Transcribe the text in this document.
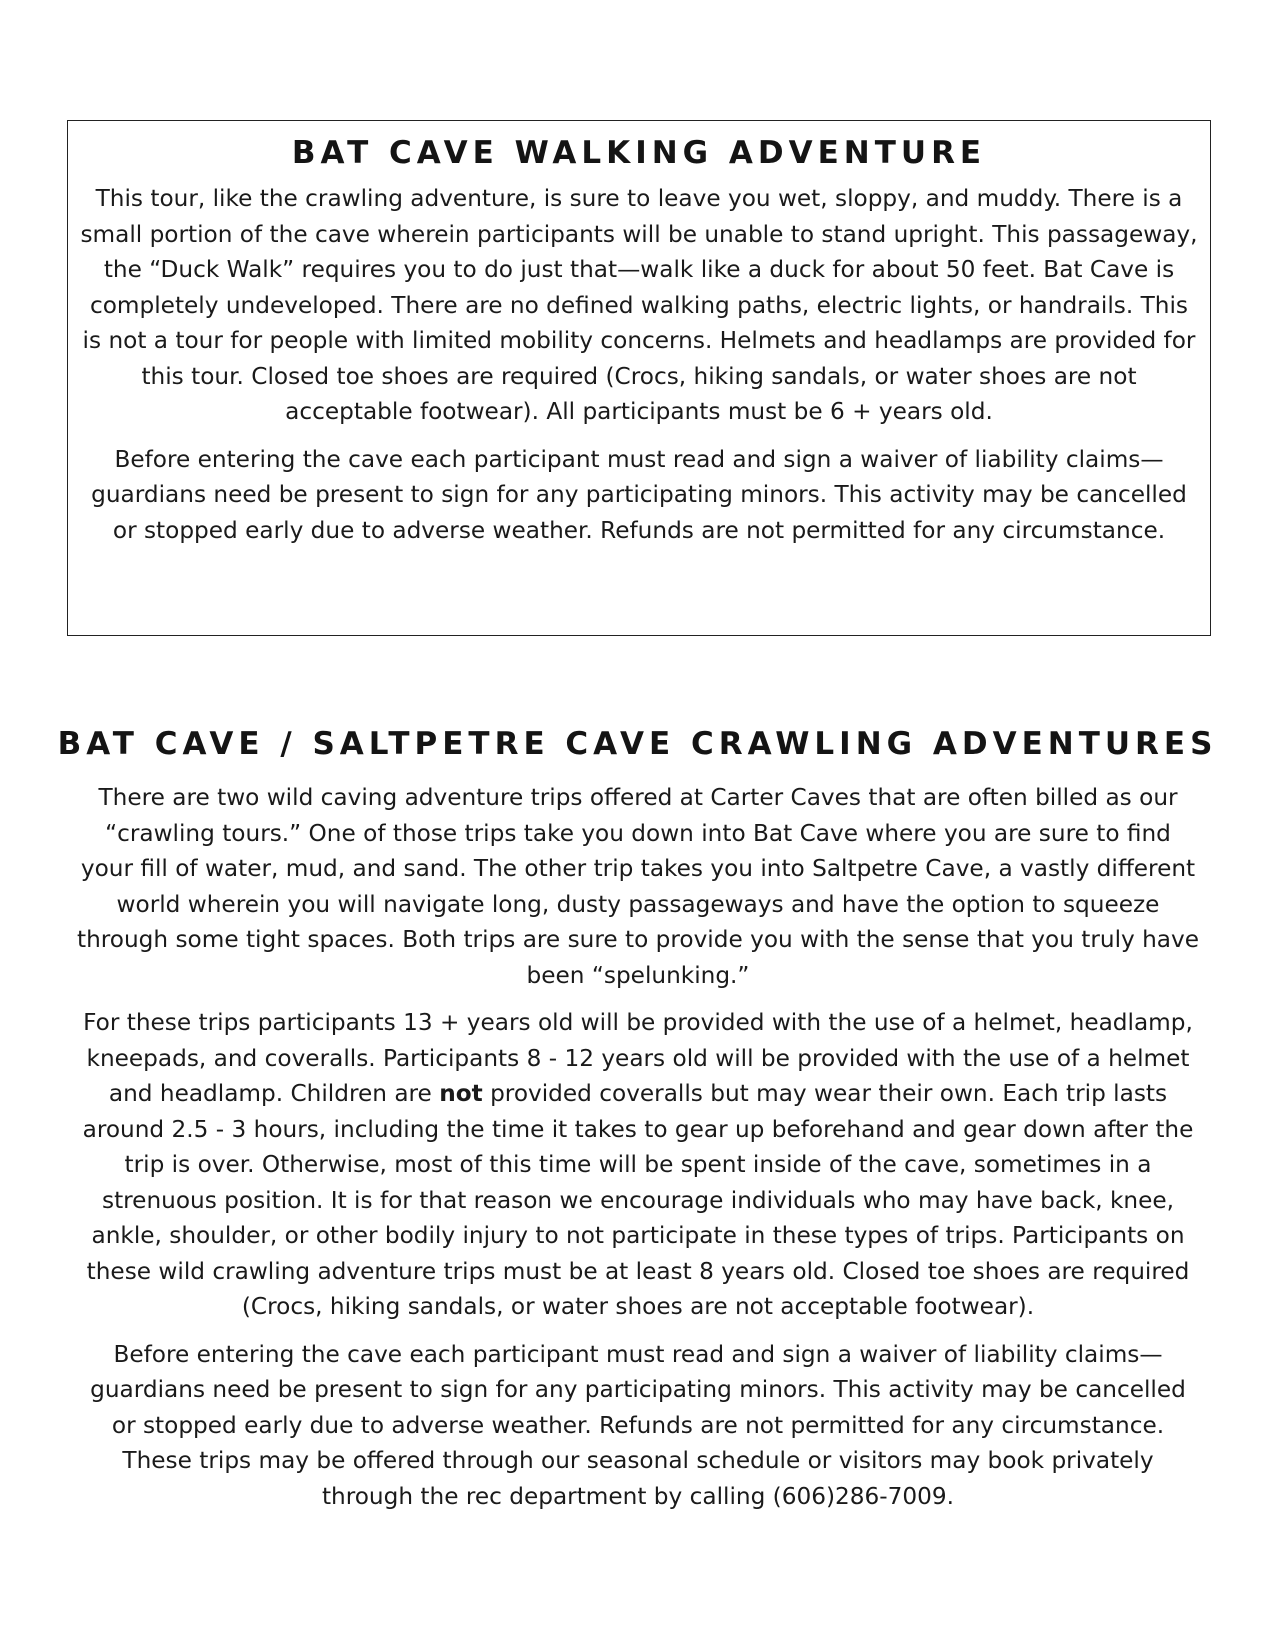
BAT CAVE WALKING ADVENTURE

This tour, like the crawling adventure, is sure to leave you wet, sloppy, and muddy. There is a small portion of the cave wherein participants will be unable to stand upright. This passageway, the “Duck Walk” requires you to do just that—walk like a duck for about 50 feet. Bat Cave is completely undeveloped. There are no defined walking paths, electric lights, or handrails. This is not a tour for people with limited mobility concerns. Helmets and headlamps are provided for this tour. Closed toe shoes are required (Crocs, hiking sandals, or water shoes are not acceptable footwear). All participants must be 6 + years old.

Before entering the cave each participant must read and sign a waiver of liability claims—guardians need be present to sign for any participating minors. This activity may be cancelled or stopped early due to adverse weather. Refunds are not permitted for any circumstance.

BAT CAVE / SALTPETRE CAVE CRAWLING ADVENTURES

There are two wild caving adventure trips offered at Carter Caves that are often billed as our “crawling tours.” One of those trips take you down into Bat Cave where you are sure to find your fill of water, mud, and sand. The other trip takes you into Saltpetre Cave, a vastly different world wherein you will navigate long, dusty passageways and have the option to squeeze through some tight spaces. Both trips are sure to provide you with the sense that you truly have been “spelunking.”

For these trips participants 13 + years old will be provided with the use of a helmet, headlamp, kneepads, and coveralls. Participants 8 - 12 years old will be provided with the use of a helmet and headlamp. Children are not provided coveralls but may wear their own. Each trip lasts around 2.5 - 3 hours, including the time it takes to gear up beforehand and gear down after the trip is over. Otherwise, most of this time will be spent inside of the cave, sometimes in a strenuous position. It is for that reason we encourage individuals who may have back, knee, ankle, shoulder, or other bodily injury to not participate in these types of trips. Participants on these wild crawling adventure trips must be at least 8 years old. Closed toe shoes are required (Crocs, hiking sandals, or water shoes are not acceptable footwear).

Before entering the cave each participant must read and sign a waiver of liability claims—guardians need be present to sign for any participating minors. This activity may be cancelled or stopped early due to adverse weather. Refunds are not permitted for any circumstance. These trips may be offered through our seasonal schedule or visitors may book privately through the rec department by calling (606)286-7009.
